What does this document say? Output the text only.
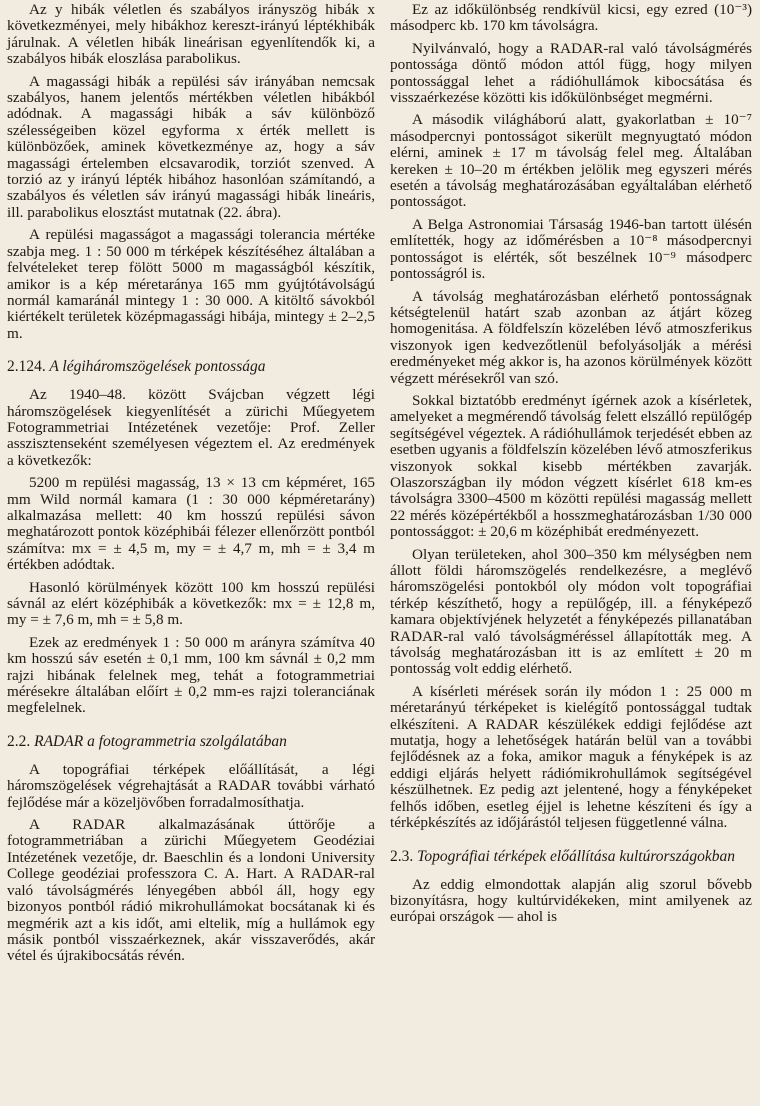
Az y hibák véletlen és szabályos irányszög hibák x következményei, mely hibákhoz kereszt-irányú léptékhibák járulnak. A véletlen hibák lineárisan egyenlítendők ki, a szabályos hibák eloszlása parabolikus.

A magassági hibák a repülési sáv irányában nemcsak szabályos, hanem jelentős mértékben véletlen hibákból adódnak. A magassági hibák a sáv különböző szélességeiben közel egyforma x érték mellett is különbözőek, aminek következménye az, hogy a sáv magassági értelemben elcsavarodik, torziót szenved. A torzió az y irányú lépték hibához hasonlóan számítandó, a szabályos és véletlen sáv irányú magassági hibák lineáris, ill. parabolikus elosztást mutatnak (22. ábra).

A repülési magasságot a magassági tolerancia mértéke szabja meg. 1 : 50 000 m térképek készítéséhez általában a felvételeket terep fölött 5000 m magasságból készítik, amikor is a kép méretaránya 165 mm gyújtótávolságú normál kamaránál mintegy 1 : 30 000. A kitöltő sávokból kiértékelt területek középmagassági hibája, mintegy ± 2–2,5 m.

2.124. A légiháromszögelések pontossága

Az 1940–48. között Svájcban végzett légi háromszögelések kiegyenlítését a zürichi Műegyetem Fotogrammetriai Intézetének vezetője: Prof. Zeller asszisztenseként személyesen végeztem el. Az eredmények a következők:

5200 m repülési magasság, 13 × 13 cm képméret, 165 mm Wild normál kamara (1 : 30 000 képméretarány) alkalmazása mellett: 40 km hosszú repülési sávon meghatározott pontok középhibái félezer ellenőrzött pontból számítva: mx = ± 4,5 m, my = ± 4,7 m, mh = ± 3,4 m értékben adódtak.

Hasonló körülmények között 100 km hosszú repülési sávnál az elért középhibák a következők: mx = ± 12,8 m, my = ± 7,6 m, mh = ± 5,8 m.

Ezek az eredmények 1 : 50 000 m arányra számítva 40 km hosszú sáv esetén ± 0,1 mm, 100 km sávnál ± 0,2 mm rajzi hibának felelnek meg, tehát a fotogrammetriai mérésekre általában előírt ± 0,2 mm-es rajzi toleranciának megfelelnek.

2.2. RADAR a fotogrammetria szolgálatában

A topográfiai térképek előállítását, a légi háromszögelések végrehajtását a RADAR további várható fejlődése már a közeljövőben forradalmosíthatja.

A RADAR alkalmazásának úttörője a fotogrammetriában a zürichi Műegyetem Geodéziai Intézetének vezetője, dr. Baeschlin és a londoni University College geodéziai professzora C. A. Hart. A RADAR-ral való távolságmérés lényegében abból áll, hogy egy bizonyos pontból rádió mikrohullámokat bocsátanak ki és megmérik azt a kis időt, ami eltelik, míg a hullámok egy másik pontból visszaérkeznek, akár visszaverődés, akár vétel és újrakibocsátás révén.

Ez az időkülönbség rendkívül kicsi, egy ezred (10⁻³) másodperc kb. 170 km távolságra.

Nyilvánvaló, hogy a RADAR-ral való távolságmérés pontossága döntő módon attól függ, hogy milyen pontossággal lehet a rádióhullámok kibocsátása és visszaérkezése közötti kis időkülönbséget megmérni.

A második világháború alatt, gyakorlatban ± 10⁻⁷ másodpercnyi pontosságot sikerült megnyugtató módon elérni, aminek ± 17 m távolság felel meg. Általában kereken ± 10–20 m értékben jelölik meg egyszeri mérés esetén a távolság meghatározásában egyáltalában elérhető pontosságot.

A Belga Astronomiai Társaság 1946-ban tartott ülésén említették, hogy az időmérésben a 10⁻⁸ másodpercnyi pontosságot is elérték, sőt beszélnek 10⁻⁹ másodperc pontosságról is.

A távolság meghatározásban elérhető pontosságnak kétségtelenül határt szab azonban az átjárt közeg homogenitása. A földfelszín közelében lévő atmoszferikus viszonyok igen kedvezőtlenül befolyásolják a mérési eredményeket még akkor is, ha azonos körülmények között végzett mérésekről van szó.

Sokkal biztatóbb eredményt ígérnek azok a kísérletek, amelyeket a megmérendő távolság felett elszálló repülőgép segítségével végeztek. A rádióhullámok terjedését ebben az esetben ugyanis a földfelszín közelében lévő atmoszferikus viszonyok sokkal kisebb mértékben zavarják. Olaszországban ily módon végzett kísérlet 618 km-es távolságra 3300–4500 m közötti repülési magasság mellett 22 mérés középértékből a hosszmeghatározásban 1/30 000 pontossággot: ± 20,6 m középhibát eredményezett.

Olyan területeken, ahol 300–350 km mélységben nem állott földi háromszögelés rendelkezésre, a meglévő háromszögelési pontokból oly módon volt topográfiai térkép készíthető, hogy a repülőgép, ill. a fényképező kamara objektívjének helyzetét a fényképezés pillanatában RADAR-ral való távolságméréssel állapították meg. A távolság meghatározásban itt is az említett ± 20 m pontosság volt eddig elérhető.

A kísérleti mérések során ily módon 1 : 25 000 m méretarányú térképeket is kielégítő pontossággal tudtak elkészíteni. A RADAR készülékek eddigi fejlődése azt mutatja, hogy a lehetőségek határán belül van a további fejlődésnek az a foka, amikor maguk a fényképek is az eddigi eljárás helyett rádiómikrohullámok segítségével készülhetnek. Ez pedig azt jelentené, hogy a fényképeket felhős időben, esetleg éjjel is lehetne készíteni és így a térképkészítés az időjárástól teljesen függetlenné válna.

2.3. Topográfiai térképek előállítása kultúrországokban

Az eddig elmondottak alapján alig szorul bővebb bizonyításra, hogy kultúrvidékeken, mint amilyenek az európai országok — ahol is
